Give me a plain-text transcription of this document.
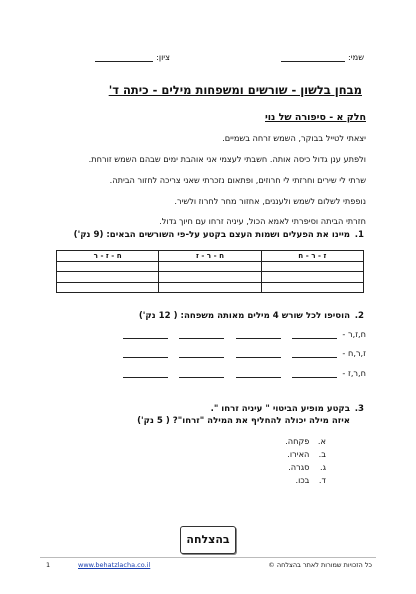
שמי:
ציון:
מבחן בלשון - שורשים ומשפחות מילים - כיתה ד'
חלק א - סיפורה של נוי
יצאתי לטייל בבוקר, השמש זרחה בשמיים.
ולפתע ענן גדול כיסה אותה. חשבתי לעצמי אני אוהבת ימים שבהם השמש זורחת.
שרתי לי שירים וחרזתי לי חרוזים, ופתאום נזכרתי שאני צריכה לחזור הביתה.
נופפתי לשלום לשמש ולעננים, אחזור מחר לחרוז ולשיר.
חזרתי הביתה וסיפרתי לאמא הכול, עיניה זרחו עם חיוך גדול.
1.
מיינו את הפעלים ושמות העצם בקטע על-פי השורשים הבאים: (9 נק')
ז - ר - ח	ח - ר - ז	ח - ז - ר

2.
הוסיפו לכל שורש 4 מילים מאותה משפחה: ( 12 נק')
ח,ז,ר -
ז,ר,ח -
ח,ר,ז -
3.
בקטע מופיע הביטוי " עיניה זרחו ".
איזה מילה יכולה להחליף את המילה "זרחו"? ( 5 נק')
א. פקחה.
ב. האירו.
ג. סגרה.
ד. בכו.
בהצלחה
כל הזכויות שמורות לאתר בהצלחה ©
www.behatzlacha.co.il
1
